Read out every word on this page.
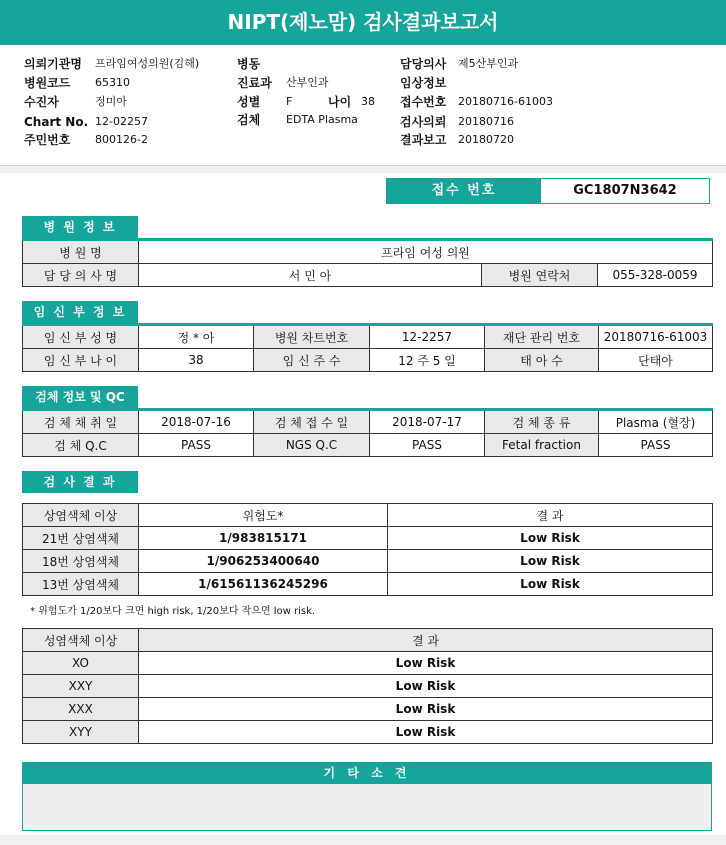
NIPT(제노맘) 검사결과보고서
의뢰기관명 프라임여성의원(김해)
병원코드 65310
수진자	정미아
Chart No. 12-02257
주민번호 800126-2
병동
진료과 산부인과
성별 F	나이 38
검체 EDTA Plasma
담당의사 제5산부인과
임상정보
접수번호 20180716-61003
검사의뢰 20180716
결과보고 20180720
접수 번호	GC1807N3642
병 원 정 보
병 원 명	프라임 여성 의원		
담 당 의 사 명	서 민 아	병원 연락처	055-328-0059
임 신 부 정 보
임 신 부 성 명	정 * 아	병원 차트번호	12-2257	재단 관리 번호	20180716-61003
임 신 부 나 이	38	임 신 주 수	12 주 5 일	태 아 수	단태아
검체 정보 및 QC
검 체 채 취 일	2018-07-16	검 체 접 수 일	2018-07-17	검 체 종 류	Plasma (혈장)
검 체 Q.C	PASS	NGS Q.C	PASS	Fetal fraction	PASS
검 사 결 과
상염색체 이상	위험도*	결 과
21번 상염색체	1/983815171	Low Risk
18번 상염색체	1/906253400640	Low Risk
13번 상염색체	1/61561136245296	Low Risk
* 위험도가 1/20보다 크면 high risk, 1/20보다 작으면 low risk.
성염색체 이상	결 과
XO	Low Risk
XXY	Low Risk
XXX	Low Risk
XYY	Low Risk
기 타 소 견
